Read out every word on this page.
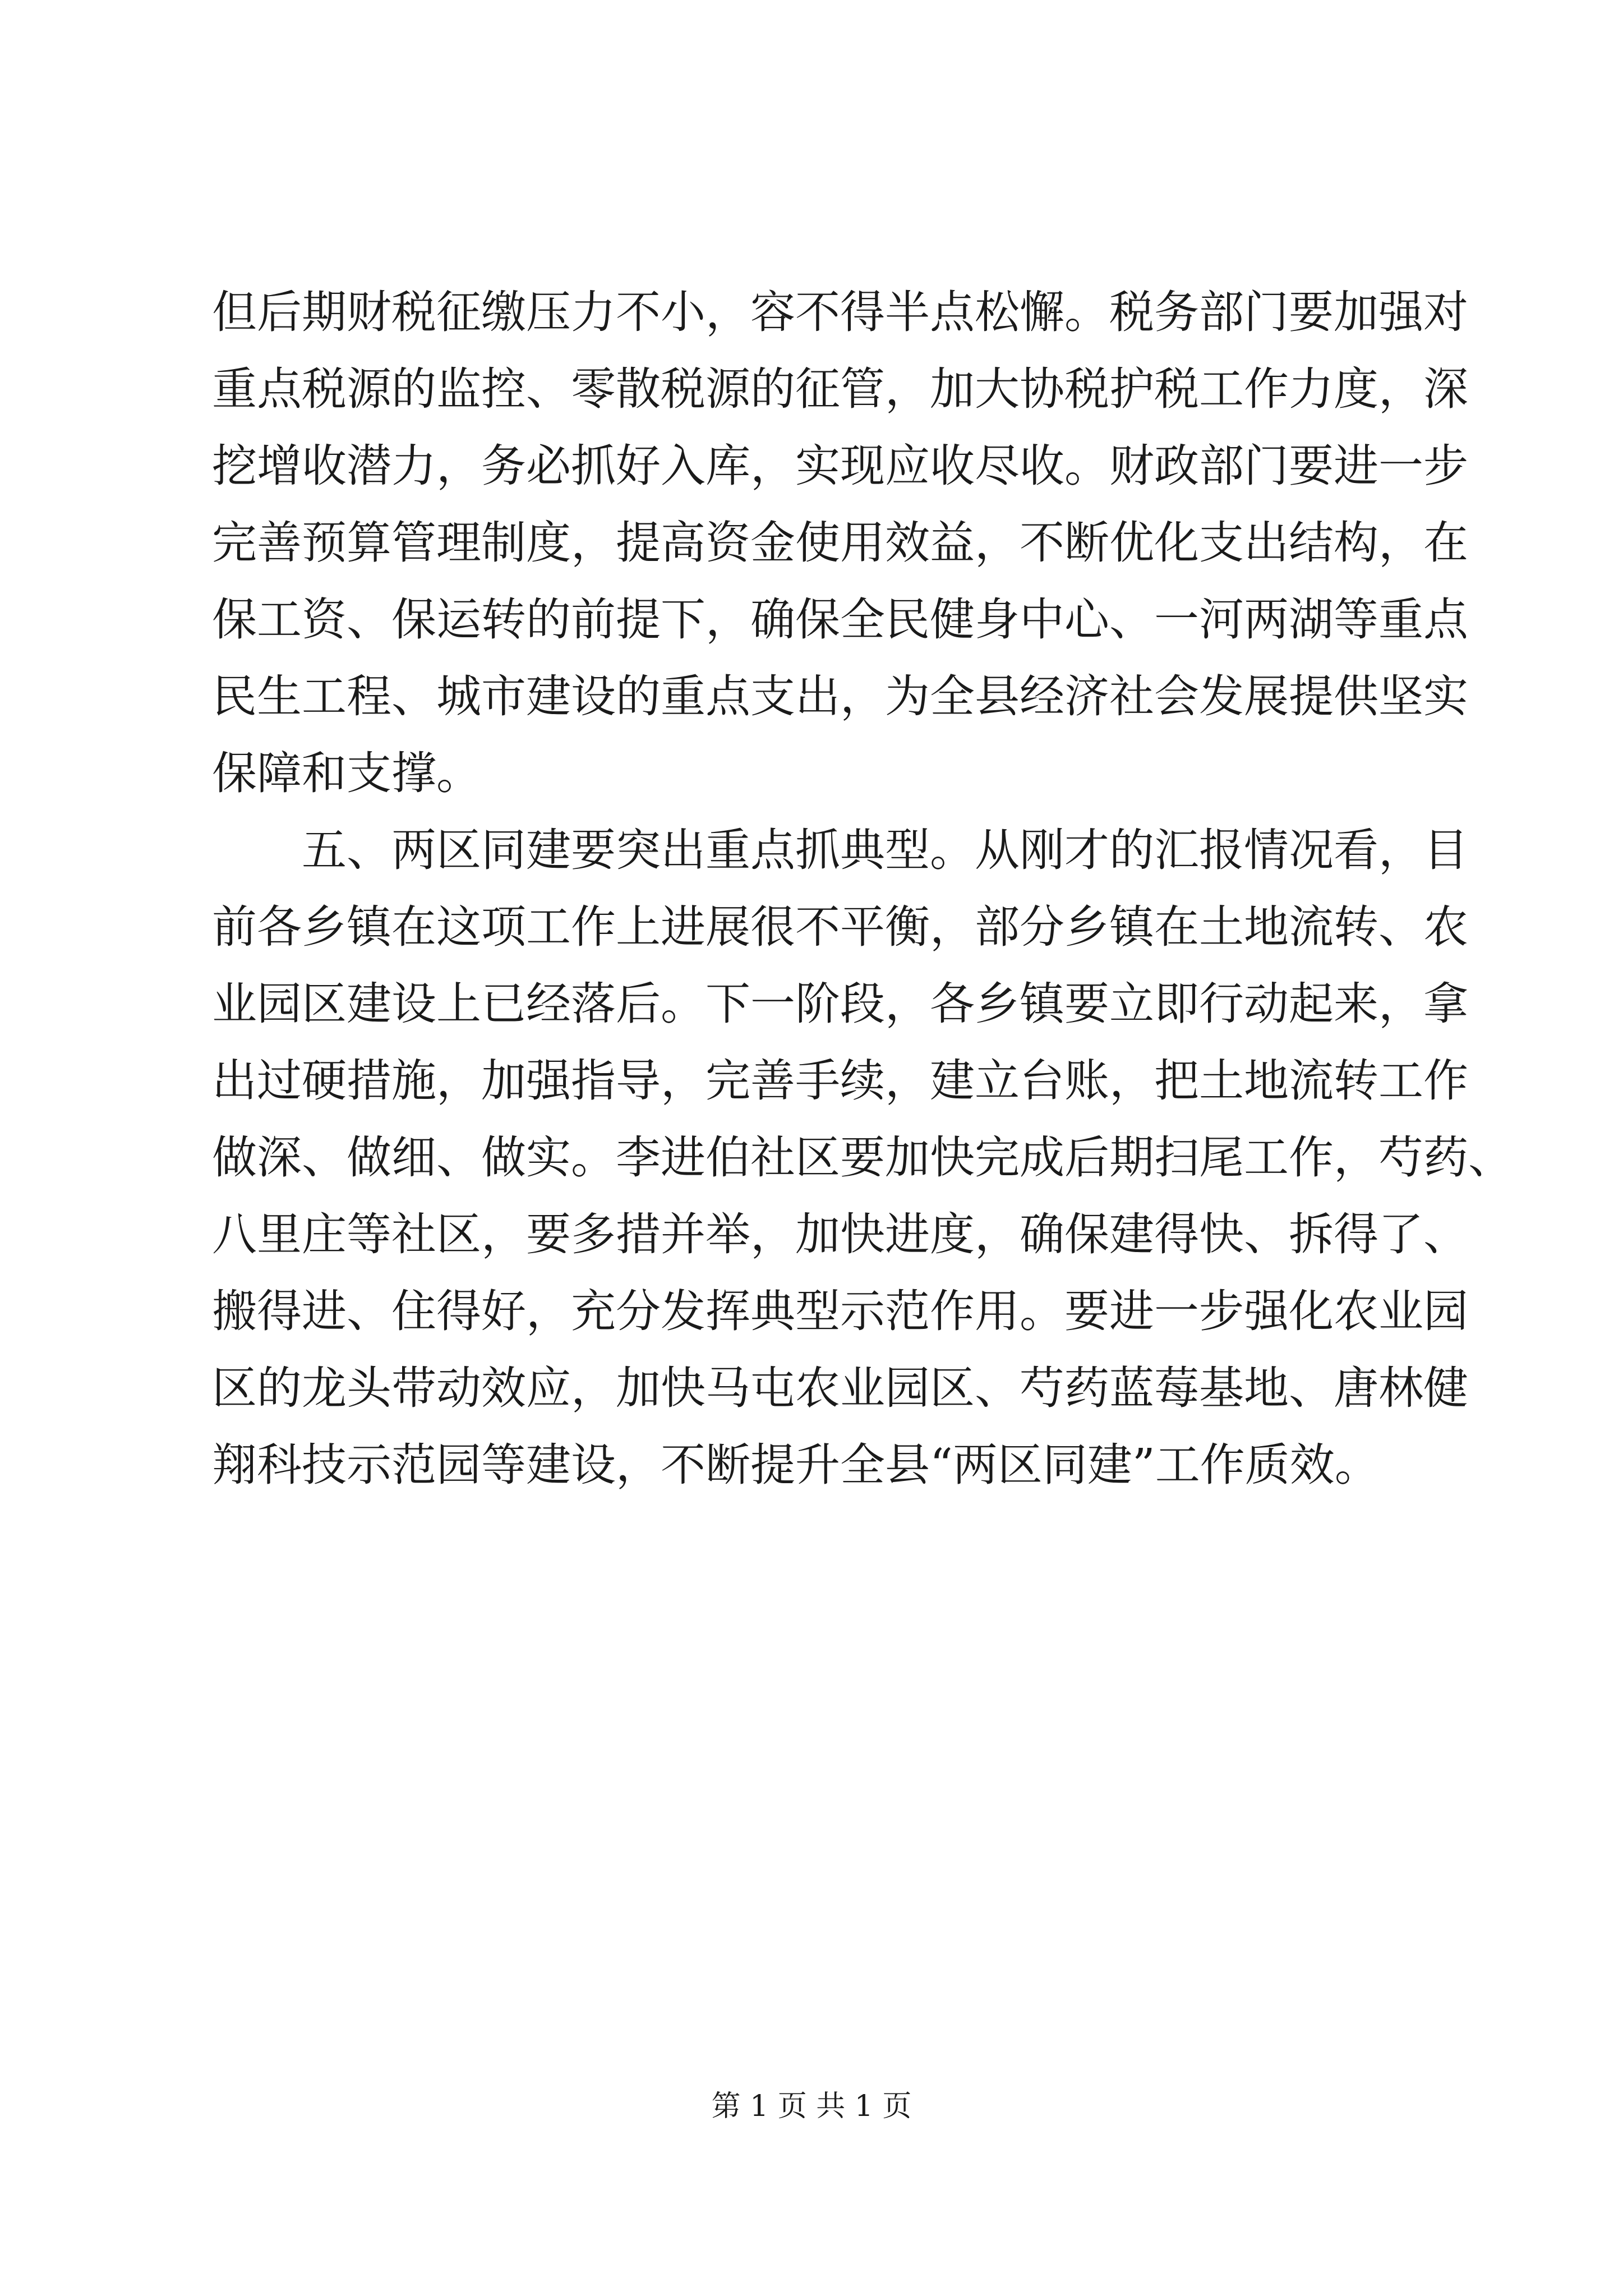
但后期财税征缴压力不小，容不得半点松懈。税务部门要加强对
重点税源的监控、零散税源的征管，加大协税护税工作力度，深
挖增收潜力，务必抓好入库，实现应收尽收。财政部门要进一步
完善预算管理制度，提高资金使用效益，不断优化支出结构，在
保工资、保运转的前提下，确保全民健身中心、一河两湖等重点
民生工程、城市建设的重点支出，为全县经济社会发展提供坚实
保障和支撑。

五、两区同建要突出重点抓典型。从刚才的汇报情况看，目
前各乡镇在这项工作上进展很不平衡，部分乡镇在土地流转、农
业园区建设上已经落后。下一阶段，各乡镇要立即行动起来，拿
出过硬措施，加强指导，完善手续，建立台账，把土地流转工作
做深、做细、做实。李进伯社区要加快完成后期扫尾工作，芍药、
八里庄等社区，要多措并举，加快进度，确保建得快、拆得了、
搬得进、住得好，充分发挥典型示范作用。要进一步强化农业园
区的龙头带动效应，加快马屯农业园区、芍药蓝莓基地、唐林健
翔科技示范园等建设，不断提升全县“两区同建”工作质效。

第 1 页 共 1 页
